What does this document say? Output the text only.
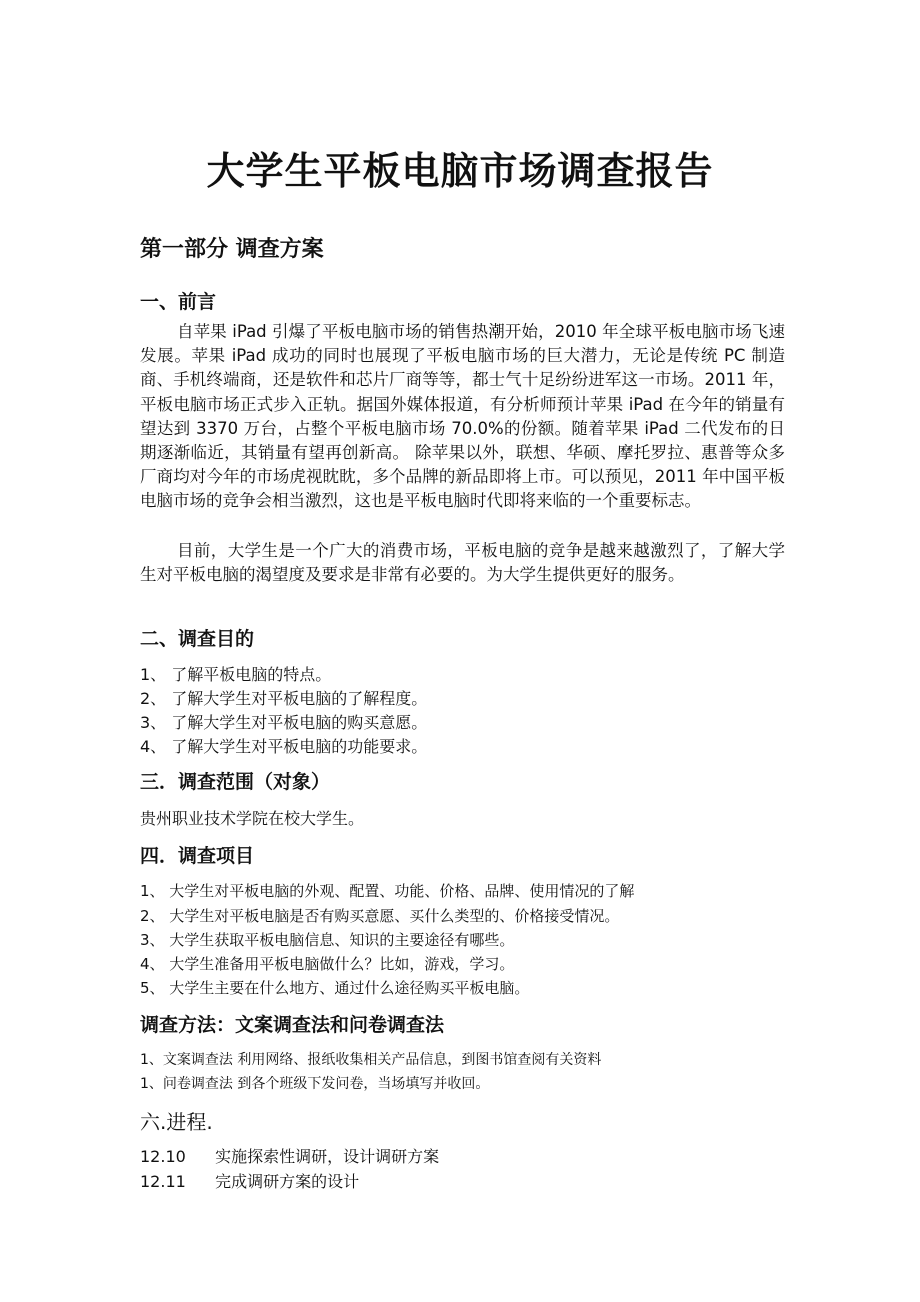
大学生平板电脑市场调查报告
第一部分 调查方案
一、前言

自苹果 iPad 引爆了平板电脑市场的销售热潮开始，2010 年全球平板电脑市场飞速发展。苹果 iPad 成功的同时也展现了平板电脑市场的巨大潜力，无论是传统 PC 制造商、手机终端商，还是软件和芯片厂商等等，都士气十足纷纷进军这一市场。2011 年，平板电脑市场正式步入正轨。据国外媒体报道，有分析师预计苹果 iPad 在今年的销量有望达到 3370 万台，占整个平板电脑市场 70.0%的份额。随着苹果 iPad 二代发布的日期逐渐临近，其销量有望再创新高。 除苹果以外，联想、华硕、摩托罗拉、惠普等众多厂商均对今年的市场虎视眈眈，多个品牌的新品即将上市。可以预见，2011 年中国平板电脑市场的竞争会相当激烈，这也是平板电脑时代即将来临的一个重要标志。

目前，大学生是一个广大的消费市场，平板电脑的竞争是越来越激烈了，了解大学生对平板电脑的渴望度及要求是非常有必要的。为大学生提供更好的服务。

二、调查目的
1、 了解平板电脑的特点。
2、 了解大学生对平板电脑的了解程度。
3、 了解大学生对平板电脑的购买意愿。
4、 了解大学生对平板电脑的功能要求。
三．调查范围（对象）
贵州职业技术学院在校大学生。
四．调查项目
1、 大学生对平板电脑的外观、配置、功能、价格、品牌、使用情况的了解
2、 大学生对平板电脑是否有购买意愿、买什么类型的、价格接受情况。
3、 大学生获取平板电脑信息、知识的主要途径有哪些。
4、 大学生准备用平板电脑做什么？比如，游戏，学习。
5、 大学生主要在什么地方、通过什么途径购买平板电脑。
调查方法：文案调查法和问卷调查法
1、文案调查法 利用网络、报纸收集相关产品信息，到图书馆查阅有关资料
1、问卷调查法 到各个班级下发问卷，当场填写并收回。
六.进程.
12.10 实施探索性调研，设计调研方案
12.11 完成调研方案的设计
